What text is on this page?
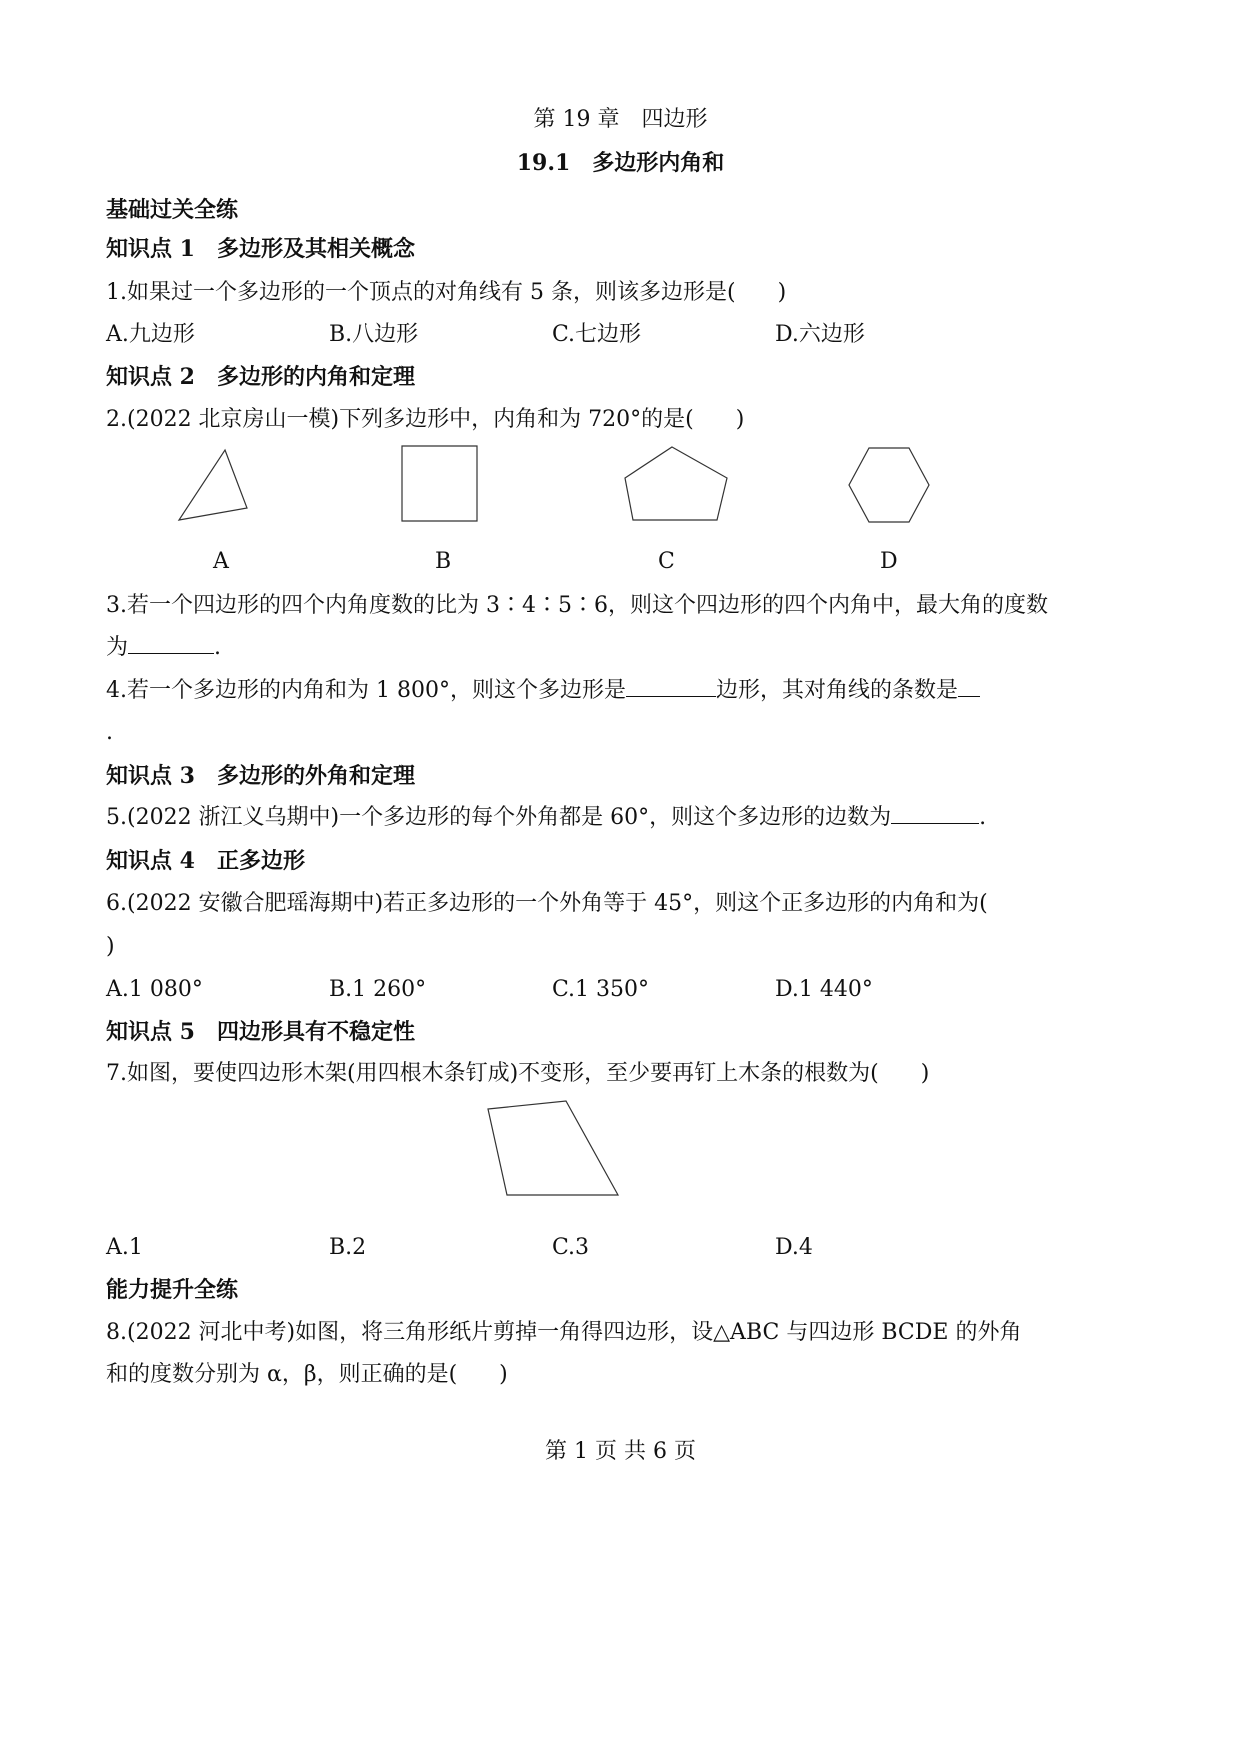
第 19 章　四边形
19.1　多边形内角和
基础过关全练
知识点 1　多边形及其相关概念
1.如果过一个多边形的一个顶点的对角线有 5 条，则该多边形是( )
A.九边形	B.八边形	C.七边形	D.六边形
知识点 2　多边形的内角和定理
2.(2022 北京房山一模)下列多边形中，内角和为 720°的是( )
A	B	C	D
3.若一个四边形的四个内角度数的比为 3∶4∶5∶6，则这个四边形的四个内角中，最大角的度数
为	.
4.若一个多边形的内角和为 1 800°，则这个多边形是	边形，其对角线的条数是
.
知识点 3　多边形的外角和定理
5.(2022 浙江义乌期中)一个多边形的每个外角都是 60°，则这个多边形的边数为	.
知识点 4　正多边形
6.(2022 安徽合肥瑶海期中)若正多边形的一个外角等于 45°，则这个正多边形的内角和为(
)
A.1 080°	B.1 260°	C.1 350°	D.1 440°
知识点 5　四边形具有不稳定性
7.如图，要使四边形木架(用四根木条钉成)不变形，至少要再钉上木条的根数为( )
A.1	B.2	C.3	D.4
能力提升全练
8.(2022 河北中考)如图，将三角形纸片剪掉一角得四边形，设△ABC 与四边形 BCDE 的外角
和的度数分别为 α，β，则正确的是( )
第 1 页 共 6 页
